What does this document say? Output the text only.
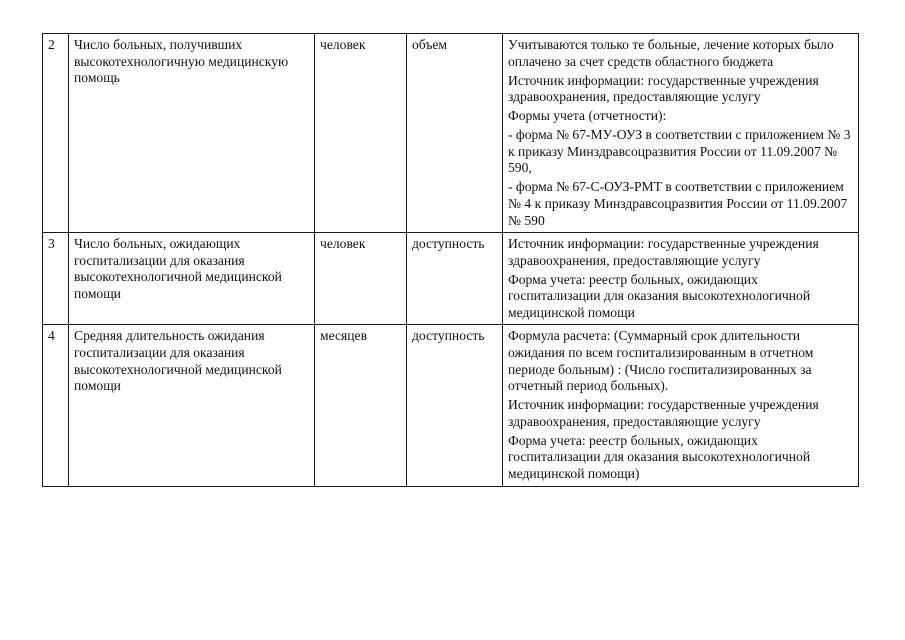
2	Число больных, получивших высокотехнологичную медицинскую помощь	человек	объем	Учитываются только те больные, лечение которых было оплачено за счет средств областного бюджета
Источник информации: государственные учреждения здравоохранения, предоставляющие услугу
Формы учета (отчетности):
- форма № 67-МУ-ОУЗ в соответствии с приложением № 3 к приказу Минздравсоцразвития России от 11.09.2007 № 590,
- форма № 67-С-ОУЗ-РМТ в соответствии с приложением № 4 к приказу Минздравсоцразвития России от 11.09.2007 № 590

3	Число больных, ожидающих госпитализации для оказания высокотехнологичной медицинской помощи	человек	доступность	Источник информации: государственные учреждения здравоохранения, предоставляющие услугу
Форма учета: реестр больных, ожидающих госпитализации для оказания высокотехнологичной медицинской помощи

4	Средняя длительность ожидания госпитализации для оказания высокотехнологичной медицинской помощи	месяцев	доступность	Формула расчета: (Суммарный срок длительности ожидания по всем госпитализированным в отчетном периоде больным) : (Число госпитализированных за отчетный период больных).
Источник информации: государственные учреждения здравоохранения, предоставляющие услугу
Форма учета: реестр больных, ожидающих госпитализации для оказания высокотехнологичной медицинской помощи)
